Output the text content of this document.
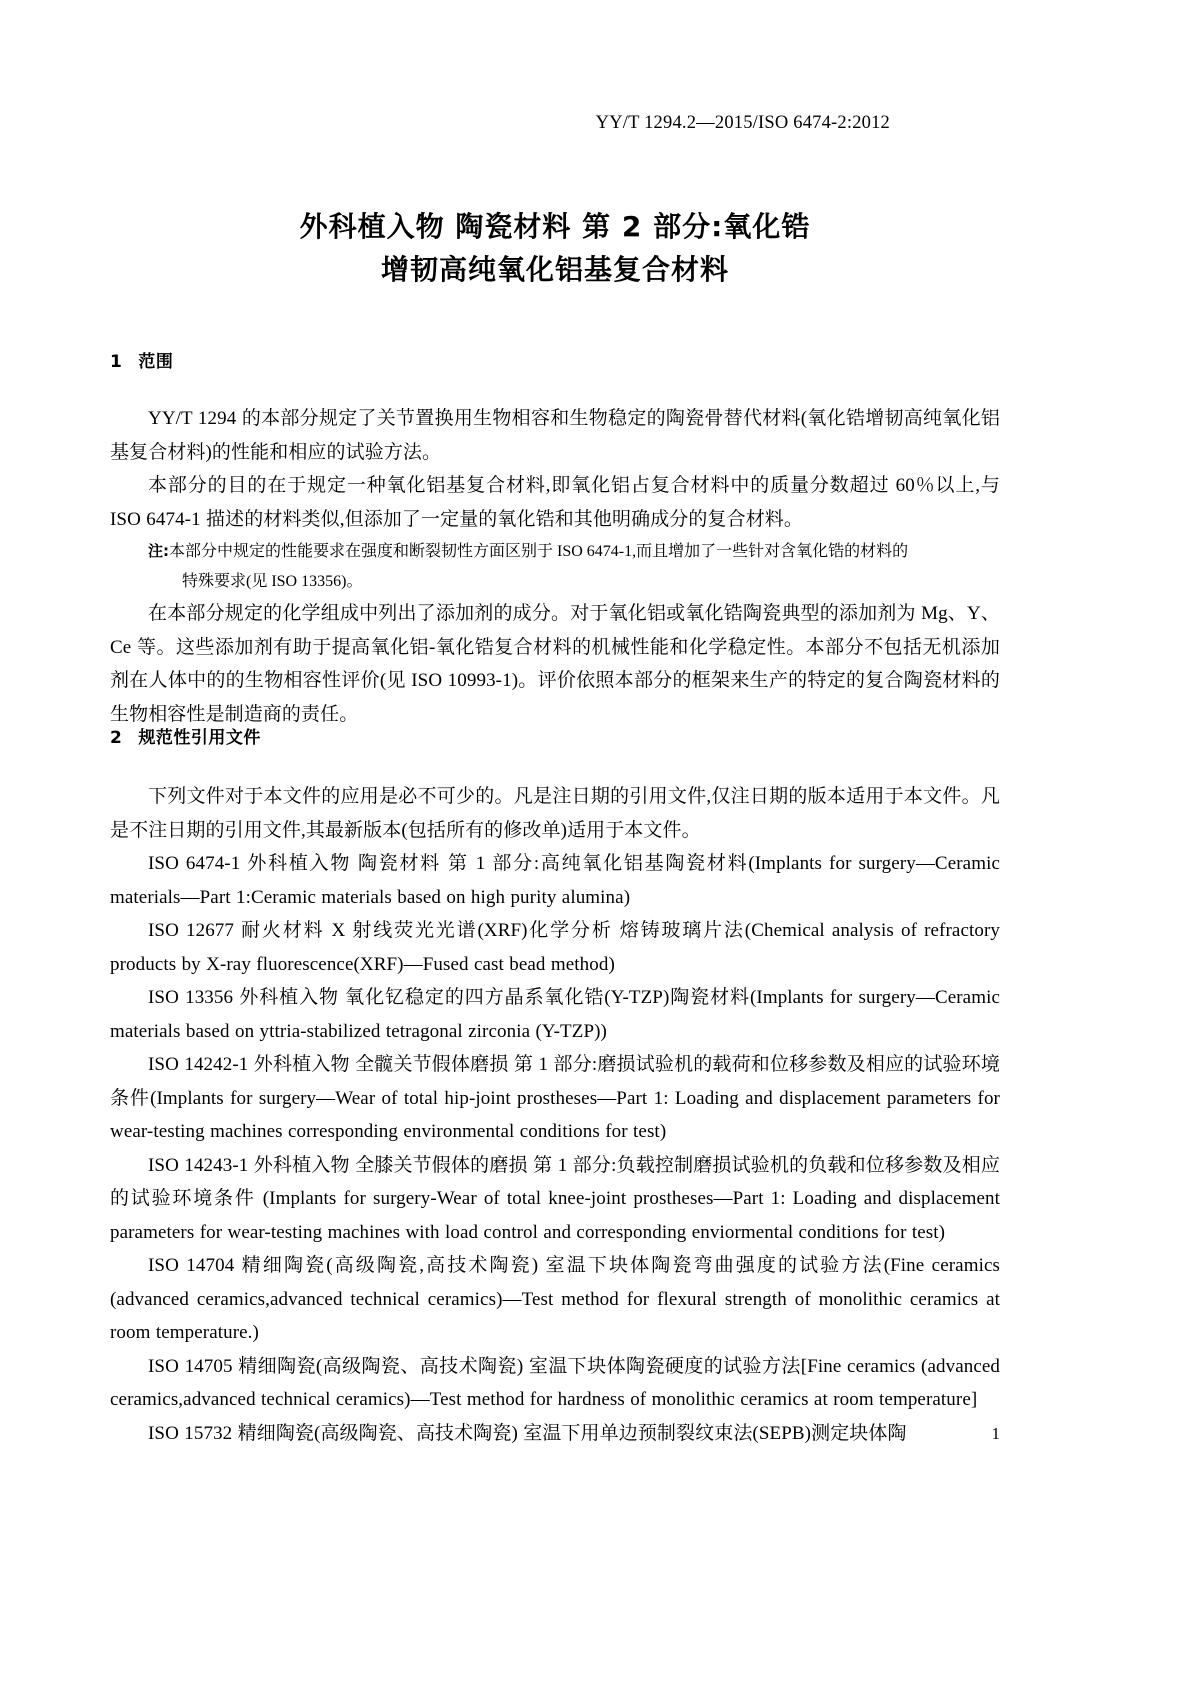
YY/T 1294.2—2015/ISO 6474-2:2012
外科植入物 陶瓷材料 第 2 部分:氧化锆
增韧高纯氧化铝基复合材料
1 范围

YY/T 1294 的本部分规定了关节置换用生物相容和生物稳定的陶瓷骨替代材料(氧化锆增韧高纯氧化铝基复合材料)的性能和相应的试验方法。

本部分的目的在于规定一种氧化铝基复合材料,即氧化铝占复合材料中的质量分数超过 60％以上,与 ISO 6474-1 描述的材料类似,但添加了一定量的氧化锆和其他明确成分的复合材料。

注:本部分中规定的性能要求在强度和断裂韧性方面区别于 ISO 6474-1,而且增加了一些针对含氧化锆的材料的
特殊要求(见 ISO 13356)。

在本部分规定的化学组成中列出了添加剂的成分。对于氧化铝或氧化锆陶瓷典型的添加剂为 Mg、Y、Ce 等。这些添加剂有助于提高氧化铝-氧化锆复合材料的机械性能和化学稳定性。本部分不包括无机添加剂在人体中的的生物相容性评价(见 ISO 10993-1)。评价依照本部分的框架来生产的特定的复合陶瓷材料的生物相容性是制造商的责任。

2 规范性引用文件

下列文件对于本文件的应用是必不可少的。凡是注日期的引用文件,仅注日期的版本适用于本文件。凡是不注日期的引用文件,其最新版本(包括所有的修改单)适用于本文件。

ISO 6474-1 外科植入物 陶瓷材料 第 1 部分:高纯氧化铝基陶瓷材料(Implants for surgery—Ceramic materials—Part 1:Ceramic materials based on high purity alumina)

ISO 12677 耐火材料 X 射线荧光光谱(XRF)化学分析 熔铸玻璃片法(Chemical analysis of refractory products by X-ray fluorescence(XRF)—Fused cast bead method)

ISO 13356 外科植入物 氧化钇稳定的四方晶系氧化锆(Y-TZP)陶瓷材料(Implants for surgery—Ceramic materials based on yttria-stabilized tetragonal zirconia (Y-TZP))

ISO 14242-1 外科植入物 全髋关节假体磨损 第 1 部分:磨损试验机的载荷和位移参数及相应的试验环境条件(Implants for surgery—Wear of total hip-joint prostheses—Part 1: Loading and displacement parameters for wear-testing machines corresponding environmental conditions for test)

ISO 14243-1 外科植入物 全膝关节假体的磨损 第 1 部分:负载控制磨损试验机的负载和位移参数及相应的试验环境条件 (Implants for surgery-Wear of total knee-joint prostheses—Part 1: Loading and displacement parameters for wear-testing machines with load control and corresponding enviormental conditions for test)

ISO 14704 精细陶瓷(高级陶瓷,高技术陶瓷) 室温下块体陶瓷弯曲强度的试验方法(Fine ceramics (advanced ceramics,advanced technical ceramics)—Test method for flexural strength of monolithic ceramics at room temperature.)

ISO 14705 精细陶瓷(高级陶瓷、高技术陶瓷) 室温下块体陶瓷硬度的试验方法[Fine ceramics (advanced ceramics,advanced technical ceramics)—Test method for hardness of monolithic ceramics at room temperature]

ISO 15732 精细陶瓷(高级陶瓷、高技术陶瓷) 室温下用单边预制裂纹束法(SEPB)测定块体陶	1
